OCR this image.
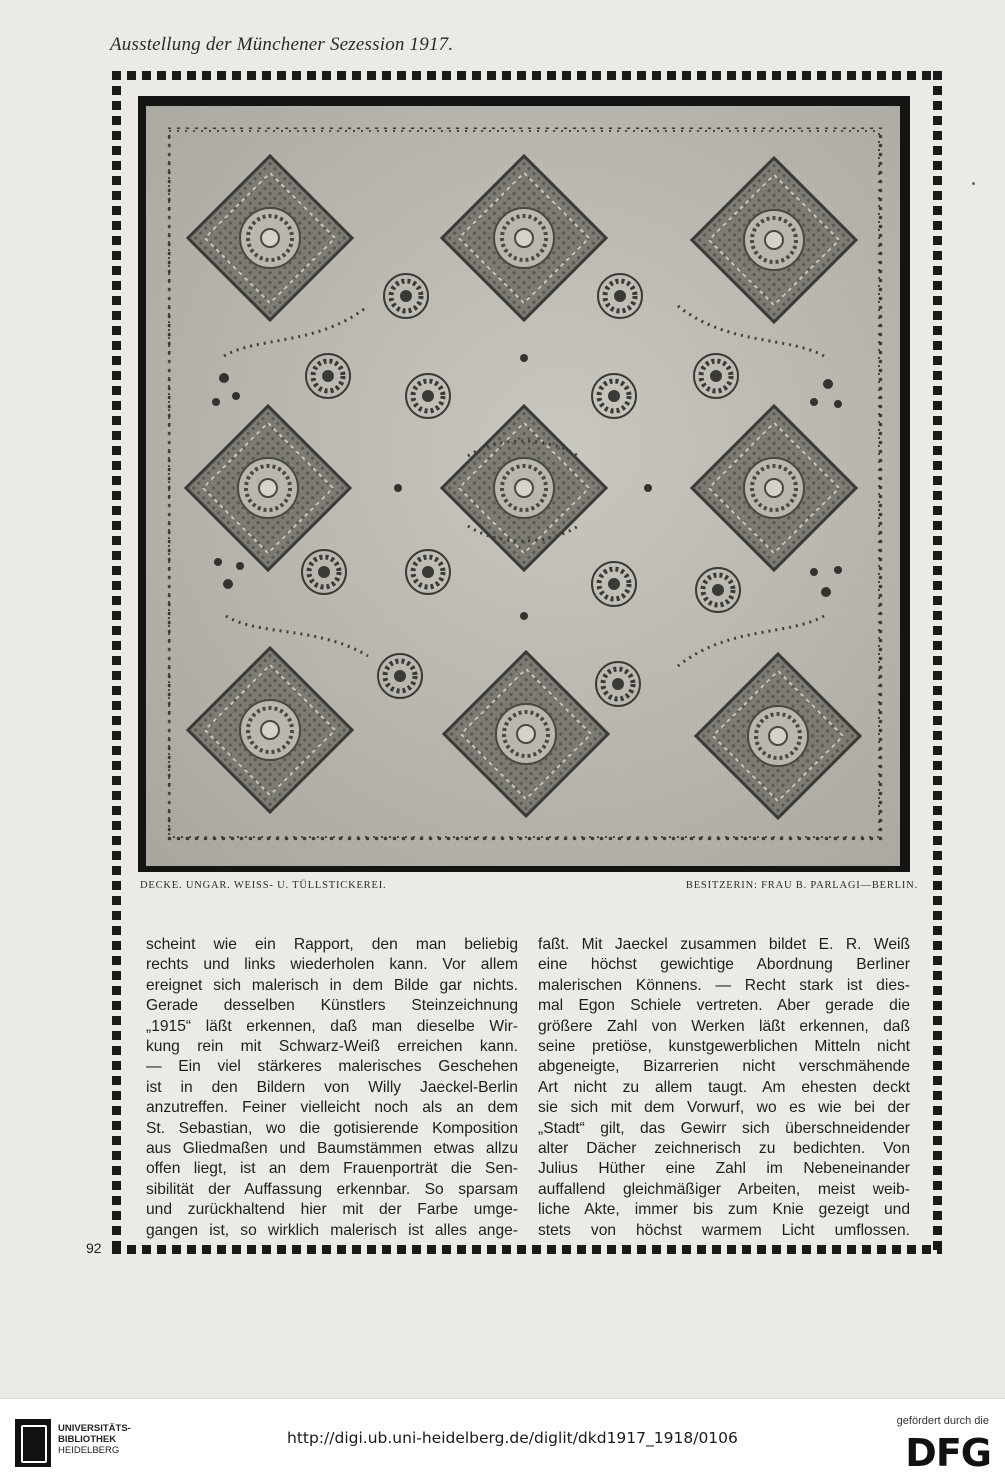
Ausstellung der Münchener Sezession 1917.
DECKE. UNGAR. WEISS- U. TÜLLSTICKEREI.	BESITZERIN: FRAU B. PARLAGI—BERLIN.

scheint wie ein Rapport, den man beliebig

rechts und links wiederholen kann. Vor allem

ereignet sich malerisch in dem Bilde gar nichts.

Gerade desselben Künstlers Steinzeichnung

„1915“ läßt erkennen, daß man dieselbe Wir-

kung rein mit Schwarz-Weiß erreichen kann.

— Ein viel stärkeres malerisches Geschehen

ist in den Bildern von Willy Jaeckel-Berlin

anzutreffen. Feiner vielleicht noch als an dem

St. Sebastian, wo die gotisierende Komposition

aus Gliedmaßen und Baumstämmen etwas allzu

offen liegt, ist an dem Frauenporträt die Sen-

sibilität der Auffassung erkennbar. So sparsam

und zurückhaltend hier mit der Farbe umge-

gangen ist, so wirklich malerisch ist alles ange-

faßt. Mit Jaeckel zusammen bildet E. R. Weiß

eine höchst gewichtige Abordnung Berliner

malerischen Könnens. — Recht stark ist dies-

mal Egon Schiele vertreten. Aber gerade die

größere Zahl von Werken läßt erkennen, daß

seine pretiöse, kunstgewerblichen Mitteln nicht

abgeneigte, Bizarrerien nicht verschmähende

Art nicht zu allem taugt. Am ehesten deckt

sie sich mit dem Vorwurf, wo es wie bei der

„Stadt“ gilt, das Gewirr sich überschneidender

alter Dächer zeichnerisch zu bedichten. Von

Julius Hüther eine Zahl im Nebeneinander

auffallend gleichmäßiger Arbeiten, meist weib-

liche Akte, immer bis zum Knie gezeigt und

stets von höchst warmem Licht umflossen.

92
UNIVERSITÄTS-
BIBLIOTHEK
HEIDELBERG
http://digi.ub.uni-heidelberg.de/diglit/dkd1917_1918/0106
gefördert durch die
DFG
